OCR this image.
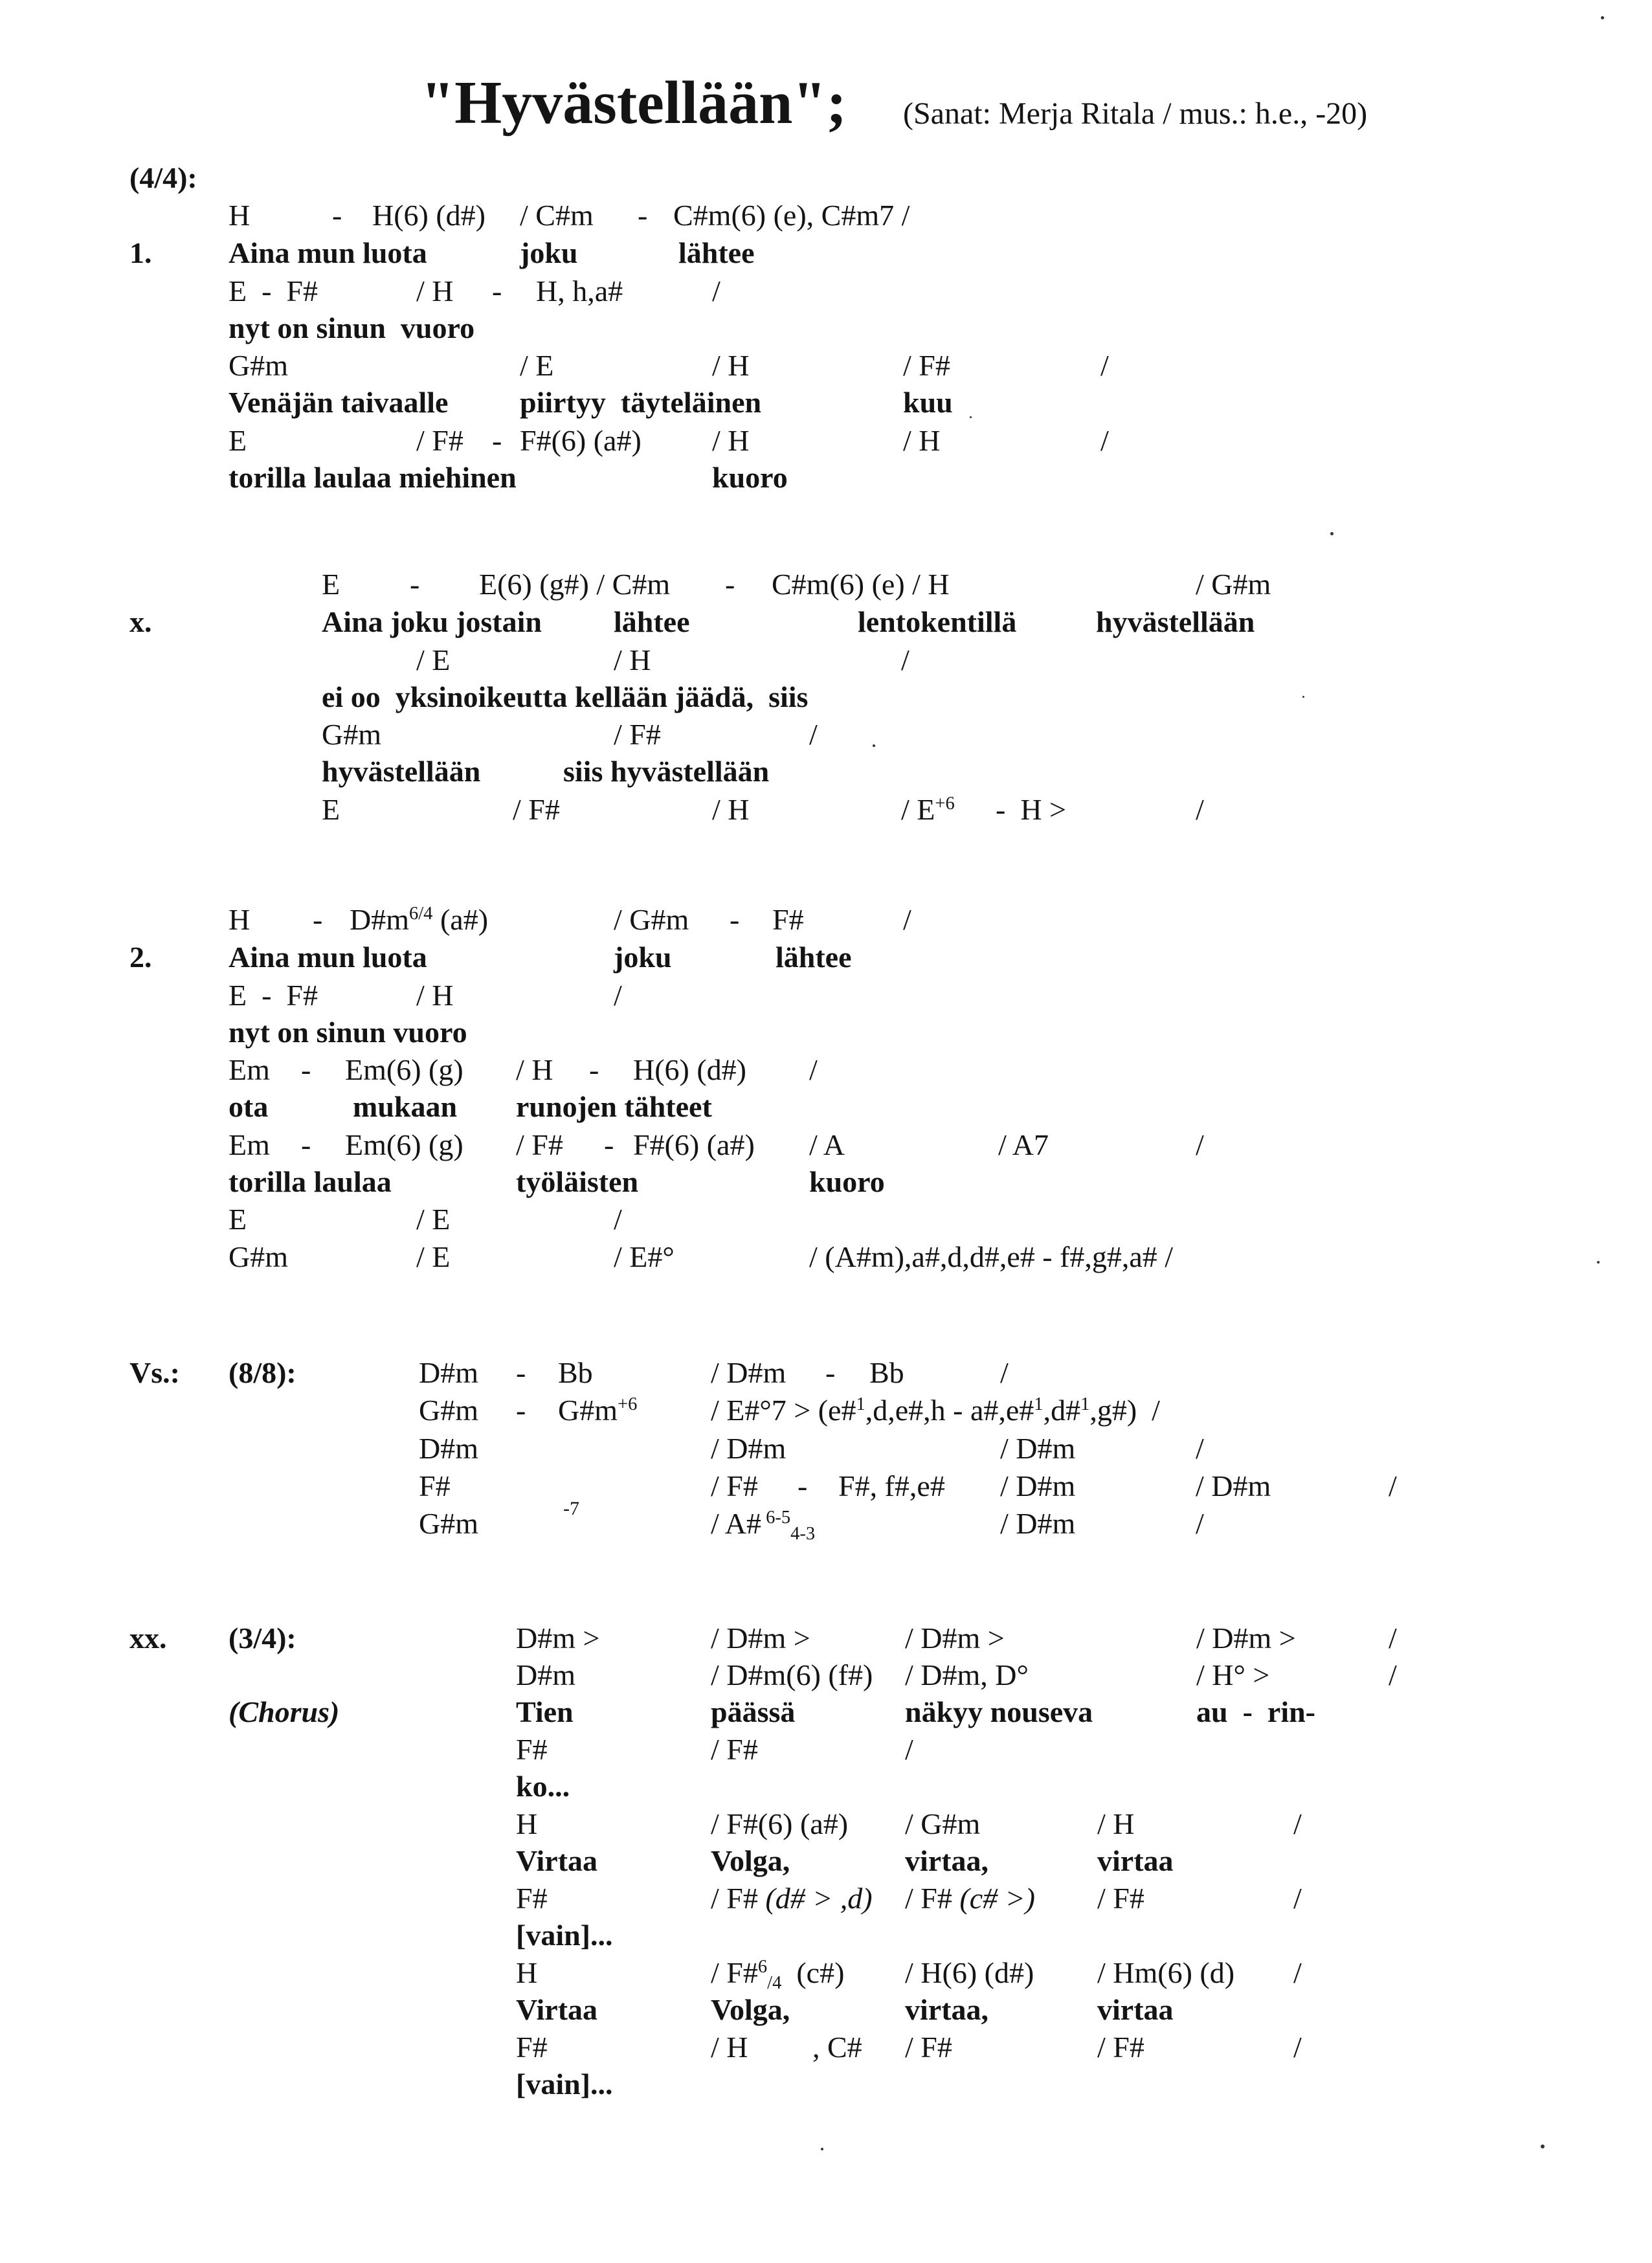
"Hyvästellään"; (Sanat: Merja Ritala / mus.: h.e., -20)
(4/4):
H	- H(6) (d#) / C#m - C#m(6) (e), C#m7 /
1.	Aina mun luota	joku	lähtee
E  -  F#	/ H - H, h,a#	/
nyt on sinun  vuoro
G#m	/ E	/ H	/ F#	/
Venäjän taivaalle piirtyy  täyteläinen	kuu
E	/ F# - F#(6) (a#) / H	/ H	/
torilla laulaa miehinen	kuoro
E - E(6) (g#) / C#m - C#m(6) (e) / H	/ G#m
x.	Aina joku jostain lähtee	lentokentillä	hyvästellään
/ E	/ H	/
ei oo  yksinoikeutta kellään jäädä,  siis
G#m	/ F#	/
hyvästellään	siis hyvästellään
E	/ F#	/ H	/ $E^{+6}$ -  H >	/
H - $D\#m^{6/4}$ (a#)	/ G#m - F#	/
2.	Aina mun luota	joku	lähtee
E  -  F#	/ H	/
nyt on sinun vuoro
Em - Em(6) (g) / H - H(6) (d#) /
ota	mukaan runojen tähteet
Em - Em(6) (g) / F# - F#(6) (a#) / A	/ A7	/
torilla laulaa	työläisten	kuoro
E	/ E	/
G#m	/ E	/ E#°	/ (A#m),a#,d,d#,e# - f#,g#,a# /
Vs.: (8/8):	D#m - Bb	/ D#m - Bb	/
G#m - $G\#m^{+6}$ / E#°7 > (e#$^1$,d,e#,h - a#,e#$^1$,d#$^1$,g#)  /
D#m	/ D#m	/ D#m	/
F#	/ F# - F#, f#,e# / D#m	/ D#m	/
G#m	-7	/ A# $^{6-5}_{4-3}$	/ D#m	/
xx. (3/4):	D#m >	/ D#m >	/ D#m >	/ D#m >	/
D#m	/ D#m(6) (f#) / D#m, D°	/ H° >	/
(Chorus)	Tien	päässä	näkyy nouseva	au  -  rin-
F#	/ F#	/
ko...
H	/ F#(6) (a#) / G#m	/ H	/
Virtaa	Volga,	virtaa,	virtaa
F#	/ F# (d# > ,d) / F# (c# >) / F#	/
[vain]...
H	/ F#$^6_{/4}$  (c#) / H(6) (d#) / Hm(6) (d) /
Virtaa	Volga,	virtaa,	virtaa
F#	/ H , C# / F#	/ F#	/
[vain]...
